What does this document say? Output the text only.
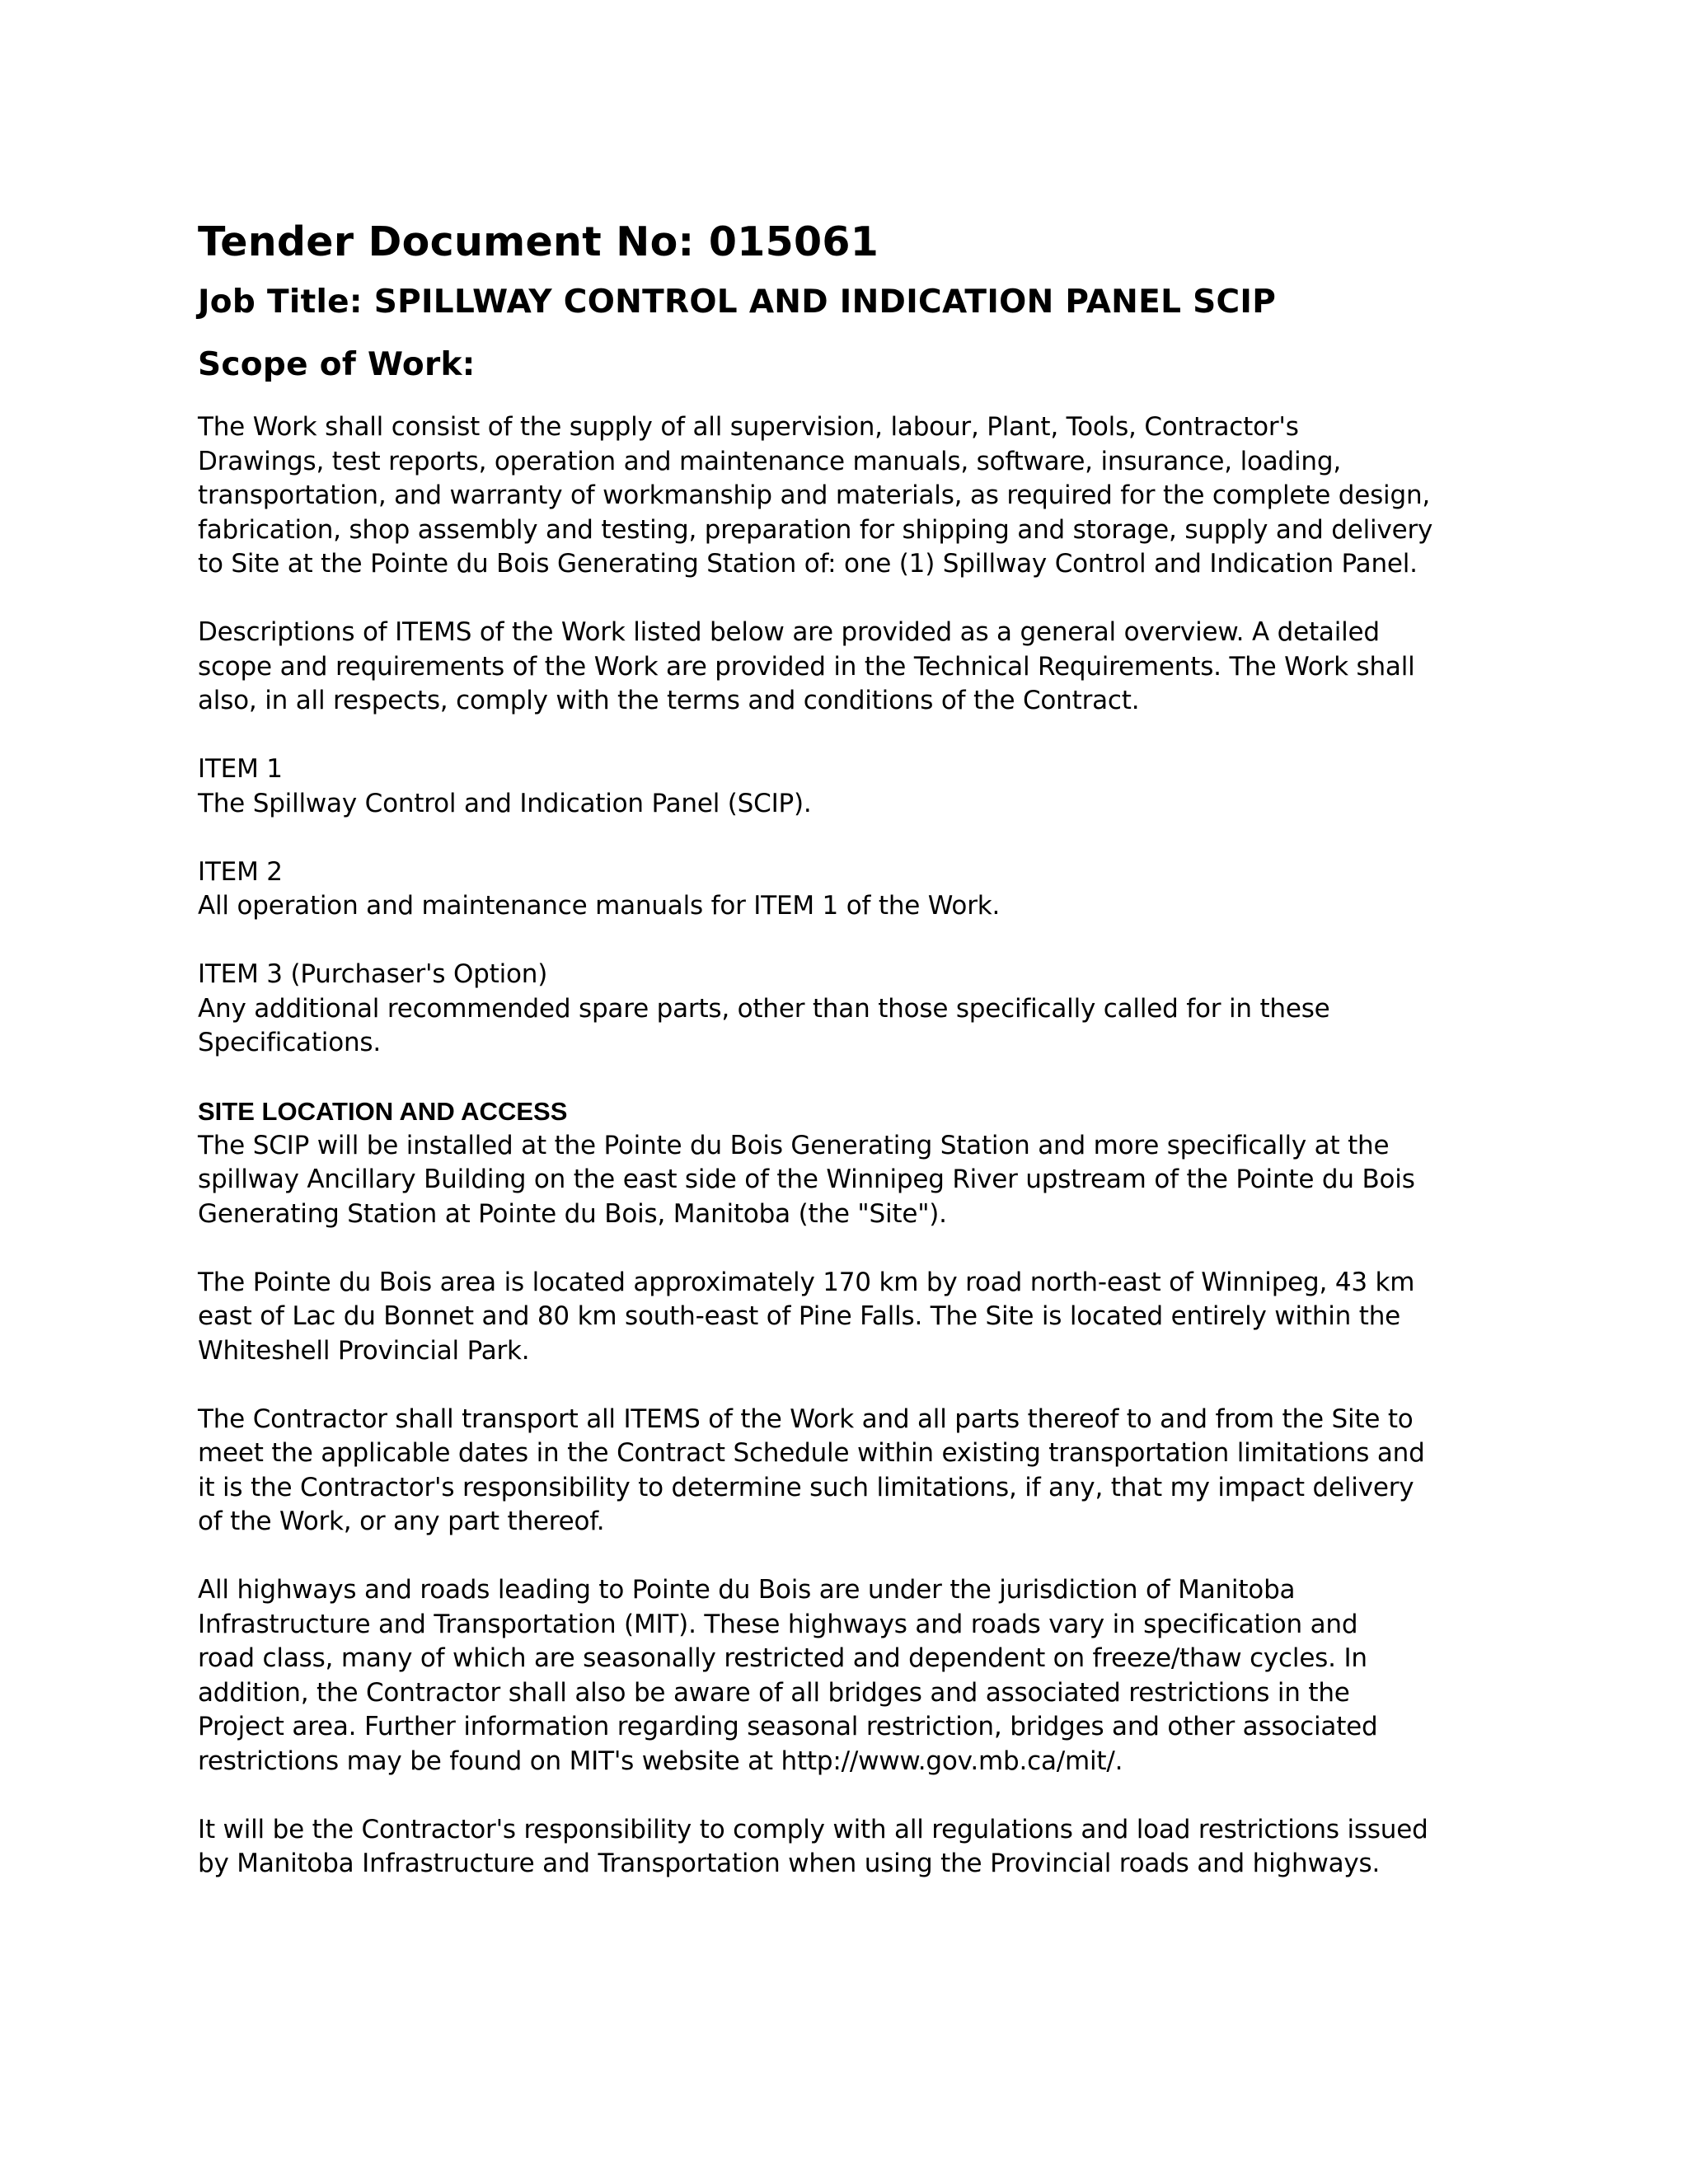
Tender Document No: 015061
Job Title: SPILLWAY CONTROL AND INDICATION PANEL SCIP
Scope of Work:

The Work shall consist of the supply of all supervision, labour, Plant, Tools, Contractor's
Drawings, test reports, operation and maintenance manuals, software, insurance, loading,
transportation, and warranty of workmanship and materials, as required for the complete design,
fabrication, shop assembly and testing, preparation for shipping and storage, supply and delivery
to Site at the Pointe du Bois Generating Station of: one (1) Spillway Control and Indication Panel.

Descriptions of ITEMS of the Work listed below are provided as a general overview. A detailed
scope and requirements of the Work are provided in the Technical Requirements. The Work shall
also, in all respects, comply with the terms and conditions of the Contract.

ITEM 1
The Spillway Control and Indication Panel (SCIP).

ITEM 2
All operation and maintenance manuals for ITEM 1 of the Work.

ITEM 3 (Purchaser's Option)
Any additional recommended spare parts, other than those specifically called for in these
Specifications.

SITE LOCATION AND ACCESS

The SCIP will be installed at the Pointe du Bois Generating Station and more specifically at the
spillway Ancillary Building on the east side of the Winnipeg River upstream of the Pointe du Bois
Generating Station at Pointe du Bois, Manitoba (the "Site").

The Pointe du Bois area is located approximately 170 km by road north-east of Winnipeg, 43 km
east of Lac du Bonnet and 80 km south-east of Pine Falls. The Site is located entirely within the
Whiteshell Provincial Park.

The Contractor shall transport all ITEMS of the Work and all parts thereof to and from the Site to
meet the applicable dates in the Contract Schedule within existing transportation limitations and
it is the Contractor's responsibility to determine such limitations, if any, that my impact delivery
of the Work, or any part thereof.

All highways and roads leading to Pointe du Bois are under the jurisdiction of Manitoba
Infrastructure and Transportation (MIT). These highways and roads vary in specification and
road class, many of which are seasonally restricted and dependent on freeze/thaw cycles. In
addition, the Contractor shall also be aware of all bridges and associated restrictions in the
Project area. Further information regarding seasonal restriction, bridges and other associated
restrictions may be found on MIT's website at http://www.gov.mb.ca/mit/.

It will be the Contractor's responsibility to comply with all regulations and load restrictions issued
by Manitoba Infrastructure and Transportation when using the Provincial roads and highways.
